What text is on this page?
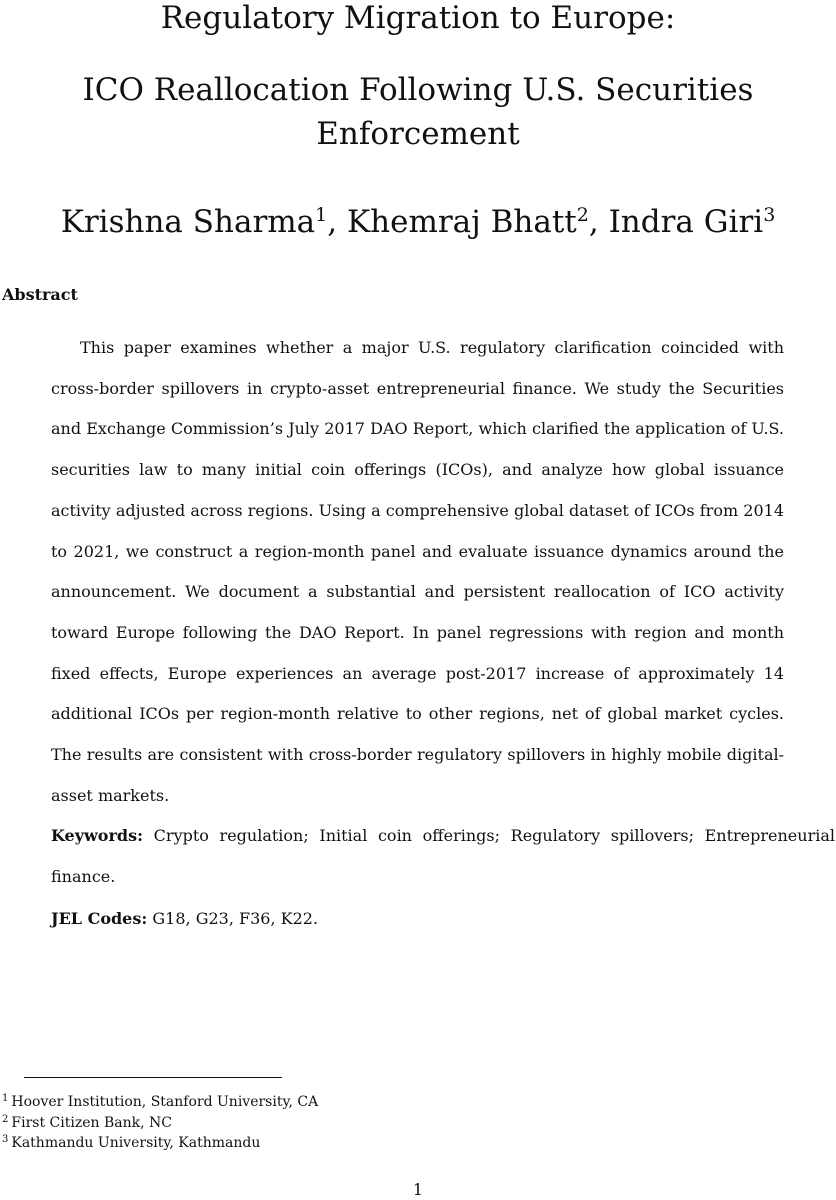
Regulatory Migration to Europe:
ICO Reallocation Following U.S. Securities
Enforcement
Krishna Sharma$^1$, Khemraj Bhatt$^2$, Indra Giri$^3$
Abstract

This paper examines whether a major U.S. regulatory clarification coincided with cross-border spillovers in crypto-asset entrepreneurial finance. We study the Securities and Exchange Commission’s July 2017 DAO Report, which clarified the application of U.S. securities law to many initial coin offerings (ICOs), and analyze how global issuance activity adjusted across regions. Using a comprehensive global dataset of ICOs from 2014 to 2021, we construct a region-month panel and evaluate issuance dynamics around the announcement. We document a substantial and persistent reallocation of ICO activity toward Europe following the DAO Report. In panel regressions with region and month fixed effects, Europe experiences an average post-2017 increase of approximately 14 additional ICOs per region-month relative to other regions, net of global market cycles. The results are consistent with cross-border regulatory spillovers in highly mobile digital-asset markets.

Keywords: Crypto regulation; Initial coin offerings; Regulatory spillovers; Entrepreneurial finance.

JEL Codes: G18, G23, F36, K22.

$^1$ Hoover Institution, Stanford University, CA
$^2$ First Citizen Bank, NC
$^3$ Kathmandu University, Kathmandu
1
